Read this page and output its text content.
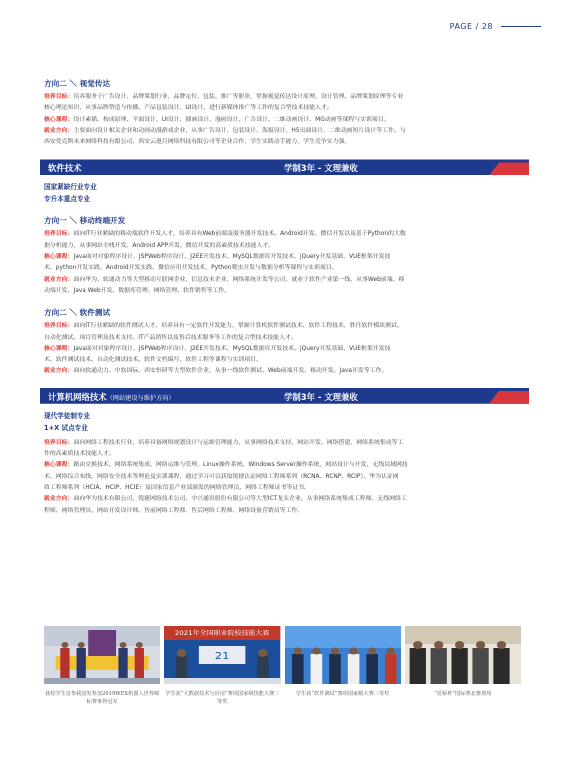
PAGE / 28
方向二 ＼ 视觉传达
培养目标：培养服务于广告设计、品牌策划行业，品牌定位、包装、推广等职业，掌握视觉传达设计原理、设计管理、品牌策划原理等专业
核心理论知识，从事品牌塑造与传播、产品包装设计、UI设计、进行新媒体推广等工作的复合型技术技能人才。
核心课程：设计素描、构成原理、平面设计、UI设计、插画设计、漫画设计、广告设计、二维动画设计、MG动画等课程与实训项目。
就业方向：主要面向设计相关企业和动画动漫游戏企业，从事广告设计、包装设计、海报设计，H5页面设计、二维动画短片设计等工作。与
西安爱克斯未来网络科技有限公司、西安云遨月网络科技有限公司等企业合作，学生实践动手能力，学生竞争实力强。
软件技术	学制3年 - 文理兼收
国家紧缺行业专业
专升本重点专业
方向一 ＼ 移动终端开发
培养目标：面向IT行业紧缺的移动端软件开发人才，培养具有Web前端及服务器开发技术、Android开发、微信开发以及基于Python的大数
据分析能力，从事网站全栈开发、Android APP开发、微信开发的高素质技术技能人才。
核心课程：Java面对对象程序设计、JSPWeb程序设计、J2EE开发技术、MySQL数据库开发技术、jQuery开发基础、VUE框架开发技
术、python开发实践、Android开发实践、微信应用开发技术、Python爬虫开发与数据分析等课程与实训项目。
就业方向：面向华为、软通动力等大型移动互联网企业、信息技术企业、网络系统开发等公司。就业于软件产业第一线，从事Web前端、移
动端开发、Java Web开发、数据库管理、网络管理、软件销售等工作。
方向二 ＼ 软件测试
培养目标：面向IT行业紧缺的软件测试人才，培养具有一定软件开发能力，掌握计算机软件测试技术、软件工程技术，胜任软件模块测试、
自动化测试、项目管理及技术支持、IT产品销售以及售后技术服务等工作的复合型技术技能人才。
核心课程：Java面对对象程序设计、JSPWeb程序设计、J2EE开发技术、MySQL数据库开发技术、jQuery开发基础、VUE框架开发技
术、软件测试技术、自动化测试技术、软件文档编写、软件工程等课程与实训项目。
就业方向：面向软通动力、中软国际、西安恒研等大型软件企业，从事一线软件测试、Web前端开发、移动开发、Java开发等工作。
计算机网络技术（网站建设与维护方向）	学制3年 - 文理兼收
现代学徒制专业
1+X 试点专业
培养目标：面向网络工程技术行业，培养具备网络规划设计与运维管理能力，从事网络技术支持、网站开发、网络搭建、网络系统集成等工
作的高素质技术技能人才。
核心课程：路由交换技术、网络系统集成、网络运维与管理、Linux操作系统、Windows Server操作系统、网站设计与开发、无线局域网技
术、网络综合布线、网络安全技术等理论及实训课程，通过学习可以获取锐捷认证网络工程师系列（RCNA、RCNP、RCIP）、华为认证网
络工程师系列（HCIA、HCIP、HCIE）及国家信息产业部颁发的网络管理员、网络工程师证书等证书。
就业方向：面向华为技术有限公司、锐捷网络技术公司、中兴通讯股份有限公司等大型ICT龙头企业，从事网络系统集成工程师、无线网络工
程师、网络管理员、网站开发设计师、售前网络工程师、售后网络工程师、网络设备营销员等工作。
2021年全国职业院校技能大赛
21
我校学生首参我国发参加2019WEX机器人世界锦标赛事得冠军
学生获“大数据技术与应用”赛项国家级技能大赛二等奖
学生获“软件测试”赛项国家级大赛三等奖	“蓝桥杯”国际赛北赛现场
